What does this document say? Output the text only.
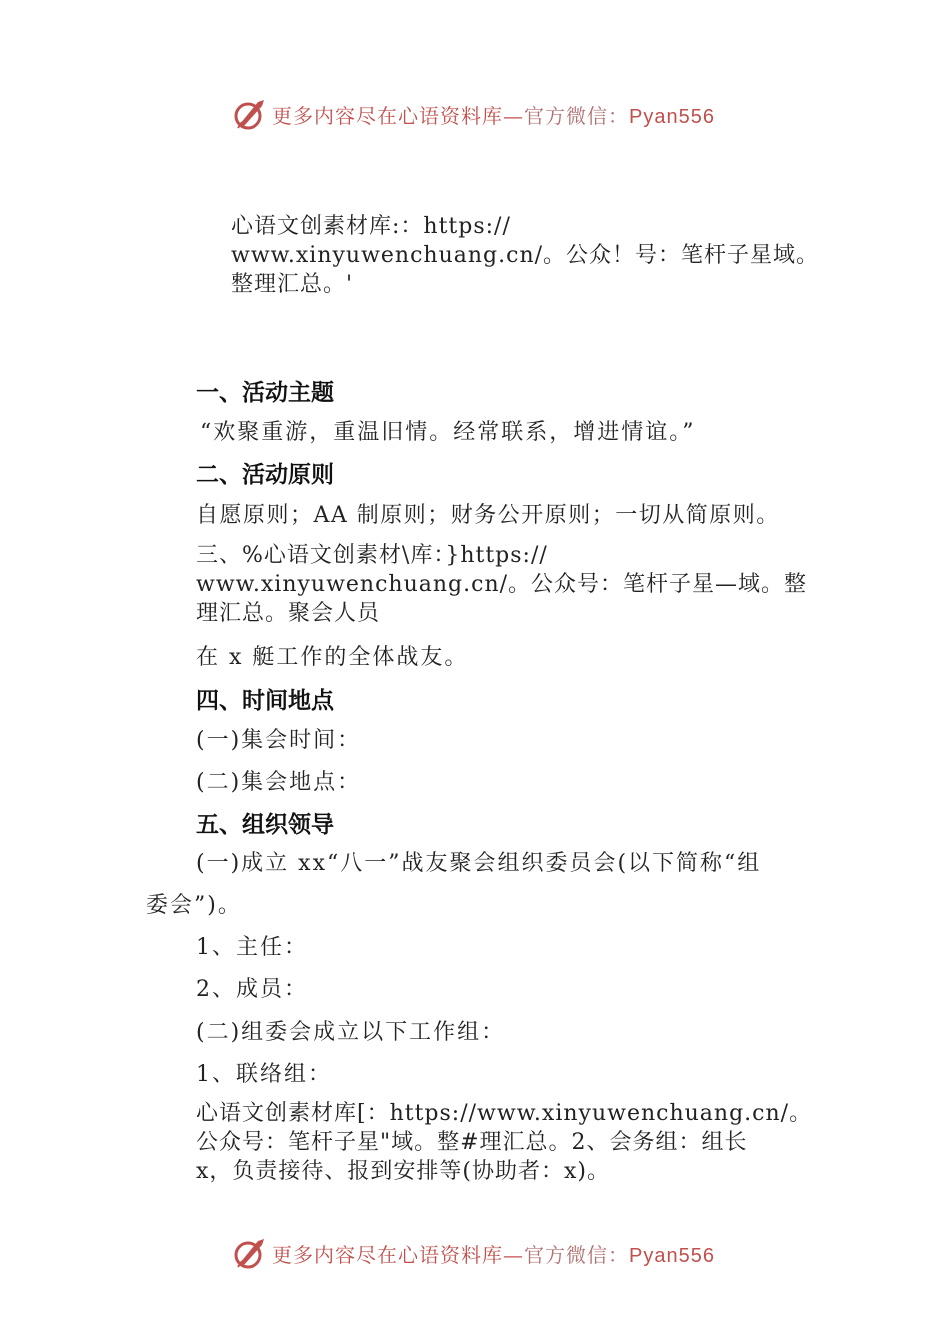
更多内容尽在心语资料库—官方微信：Pyan556
心语文创素材库:：https://
www.xinyuwenchuang.cn/。公众！号：笔杆子星域。
整理汇总。'
一、活动主题
“欢聚重游，重温旧情。经常联系，增进情谊。”
二、活动原则
自愿原则；AA 制原则；财务公开原则；一切从简原则。
三、%心语文创素材\库：}https://
www.xinyuwenchuang.cn/。公众号：笔杆子星—域。整
理汇总。聚会人员
在 x 艇工作的全体战友。
四、时间地点
(一)集会时间：
(二)集会地点：
五、组织领导
(一)成立 xx“八一”战友聚会组织委员会(以下简称“组
委会”)。
1、主任：
2、成员：
(二)组委会成立以下工作组：
1、联络组：
心语文创素材库[：https://www.xinyuwenchuang.cn/。
公众号：笔杆子星"域。整#理汇总。2、会务组：组长
x，负责接待、报到安排等(协助者：x)。
更多内容尽在心语资料库—官方微信：Pyan556
